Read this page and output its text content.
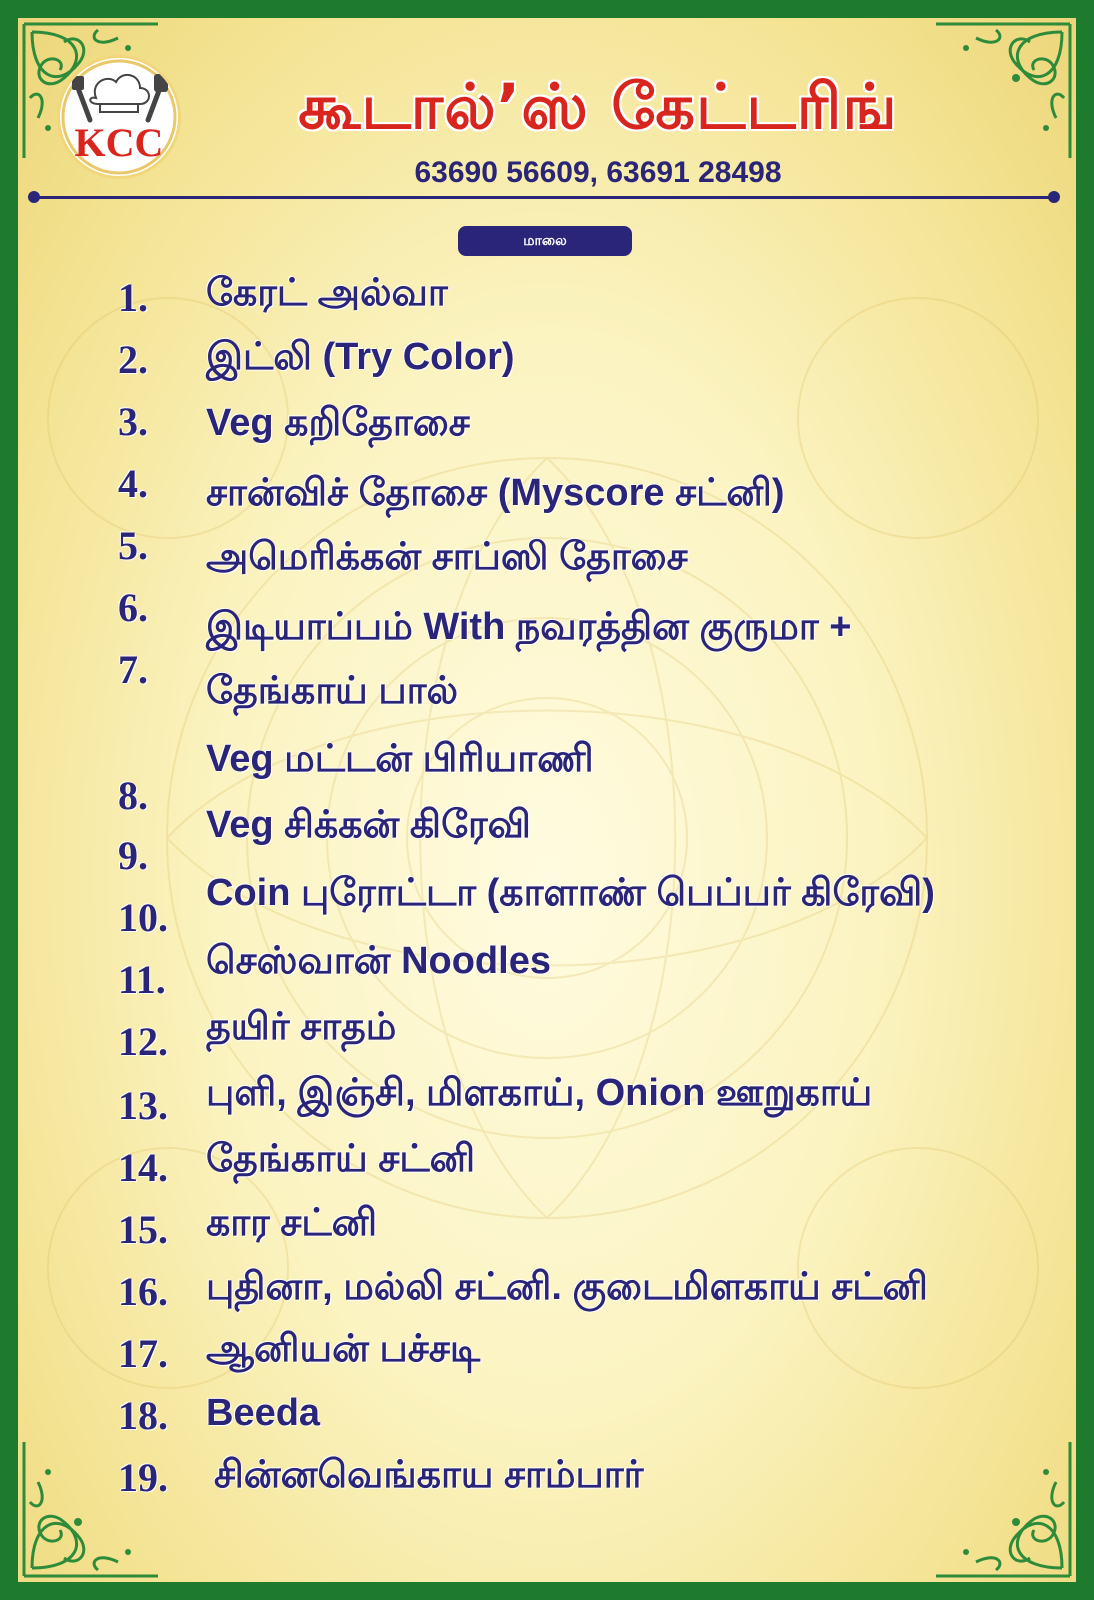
KCC	கூடால்’ஸ் கேட்டரிங்
63690 56609, 63691 28498
மாலை
1.
2.
3.
4.
5.
6.
7.
8.
9.
10.
11.
12.
13.
14.
15.
16.
17.
18.
19.
கேரட் அல்வா
இட்லி (Try Color)
Veg கறிதோசை
சான்விச் தோசை (Myscore சட்னி)
அமெரிக்கன் சாப்ஸி தோசை
இடியாப்பம் With நவரத்தின குருமா +
தேங்காய் பால்
Veg மட்டன் பிரியாணி
Veg சிக்கன் கிரேவி
Coin புரோட்டா (காளாண் பெப்பர் கிரேவி)
செஸ்வான் Noodles
தயிர் சாதம்
புளி, இஞ்சி, மிளகாய், Onion ஊறுகாய்
தேங்காய் சட்னி
கார சட்னி
புதினா, மல்லி சட்னி. குடைமிளகாய் சட்னி
ஆனியன் பச்சடி
Beeda
சின்னவெங்காய சாம்பார்
